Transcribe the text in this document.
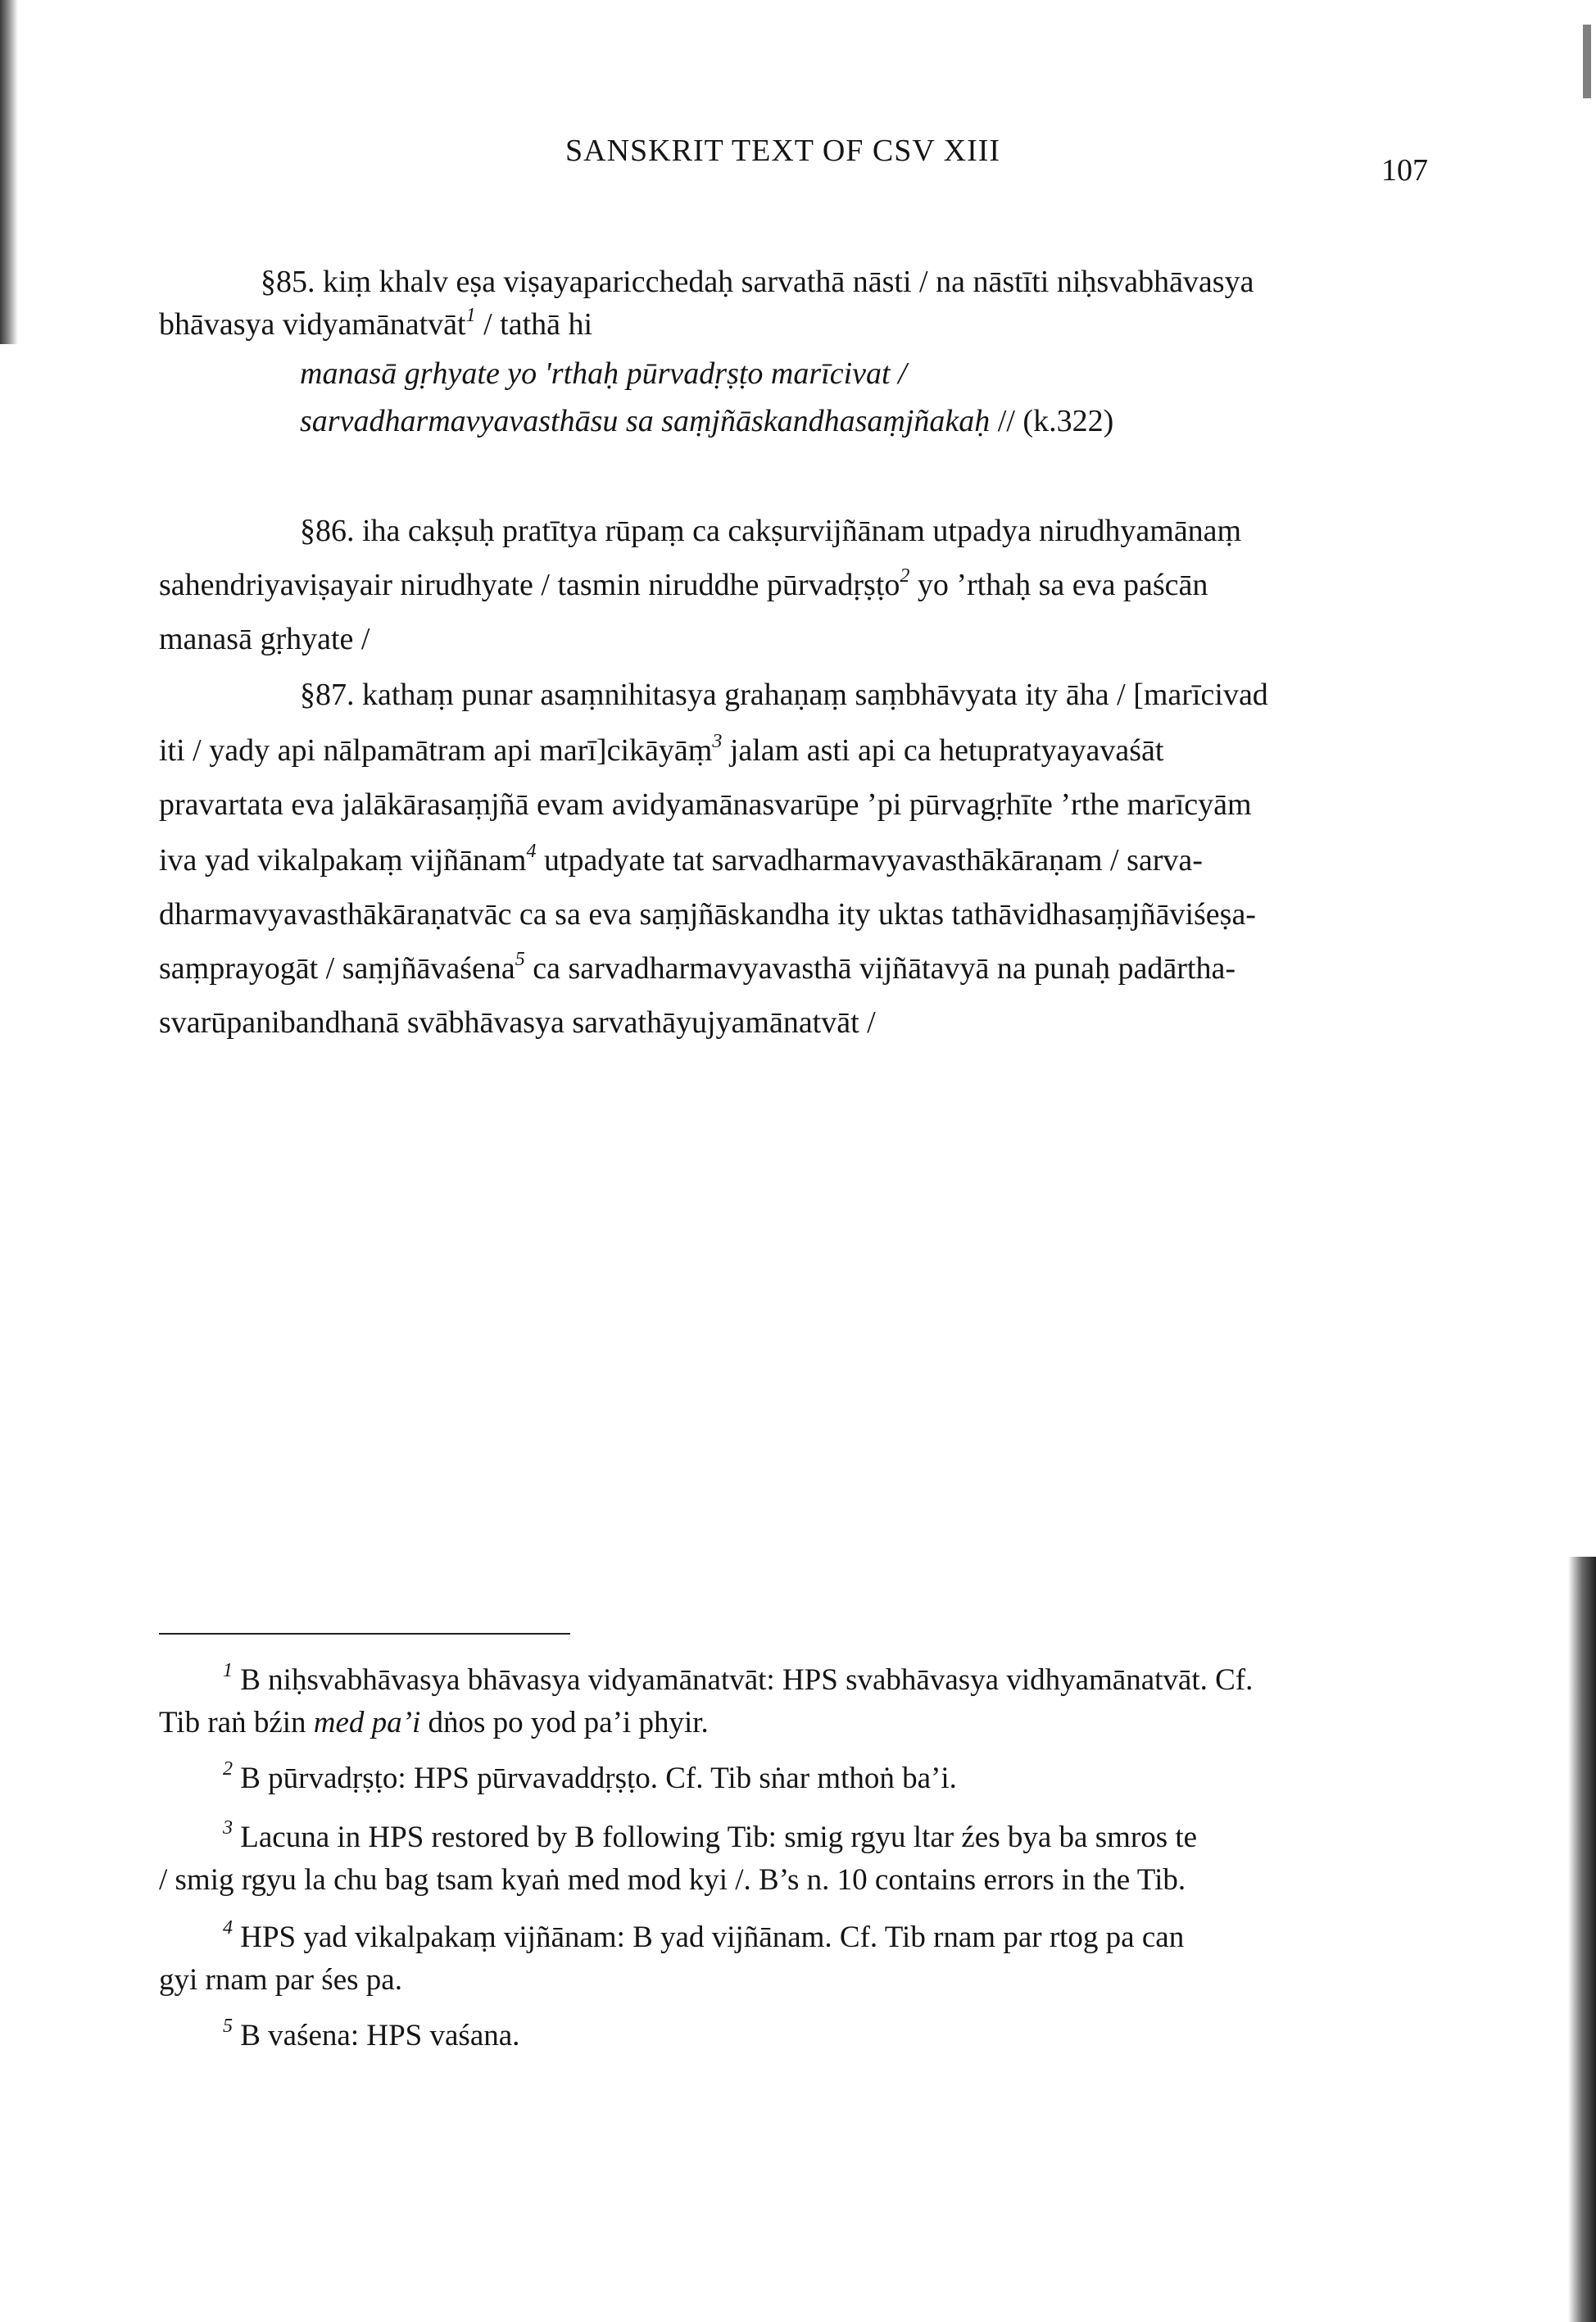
SANSKRIT TEXT OF CSV XIII
107
§85. kiṃ khalv eṣa viṣayaparicchedaḥ sarvathā nāsti / na nāstīti niḥsvabhāvasya
bhāvasya vidyamānatvāt$^1$ / tathā hi
manasā gṛhyate yo 'rthaḥ pūrvadṛṣṭo marīcivat /
sarvadharmavyavasthāsu sa saṃjñāskandhasaṃjñakaḥ // (k.322)
§86. iha cakṣuḥ pratītya rūpaṃ ca cakṣurvijñānam utpadya nirudhyamānaṃ
sahendriyaviṣayair nirudhyate / tasmin niruddhe pūrvadṛṣṭo$^2$ yo ’rthaḥ sa eva paścān
manasā gṛhyate /
§87. kathaṃ punar asaṃnihitasya grahaṇaṃ saṃbhāvyata ity āha / [marīcivad
iti / yady api nālpamātram api marī]cikāyāṃ$^3$ jalam asti api ca hetupratyayavaśāt
pravartata eva jalākārasaṃjñā evam avidyamānasvarūpe ’pi pūrvagṛhīte ’rthe marīcyām
iva yad vikalpakaṃ vijñānam$^4$ utpadyate tat sarvadharmavyavasthākāraṇam / sarva-
dharmavyavasthākāraṇatvāc ca sa eva saṃjñāskandha ity uktas tathāvidhasaṃjñāviśeṣa-
saṃprayogāt / saṃjñāvaśena$^5$ ca sarvadharmavyavasthā vijñātavyā na punaḥ padārtha-
svarūpanibandhanā svābhāvasya sarvathāyujyamānatvāt /
$^1$ B niḥsvabhāvasya bhāvasya vidyamānatvāt: HPS svabhāvasya vidhyamānatvāt. Cf.
Tib raṅ bźin med pa’i dṅos po yod pa’i phyir.
$^2$ B pūrvadṛṣṭo: HPS pūrvavaddṛṣṭo. Cf. Tib sṅar mthoṅ ba’i.
$^3$ Lacuna in HPS restored by B following Tib: smig rgyu ltar źes bya ba smros te
/ smig rgyu la chu bag tsam kyaṅ med mod kyi /. B’s n. 10 contains errors in the Tib.
$^4$ HPS yad vikalpakaṃ vijñānam: B yad vijñānam. Cf. Tib rnam par rtog pa can
gyi rnam par śes pa.
$^5$ B vaśena: HPS vaśana.
